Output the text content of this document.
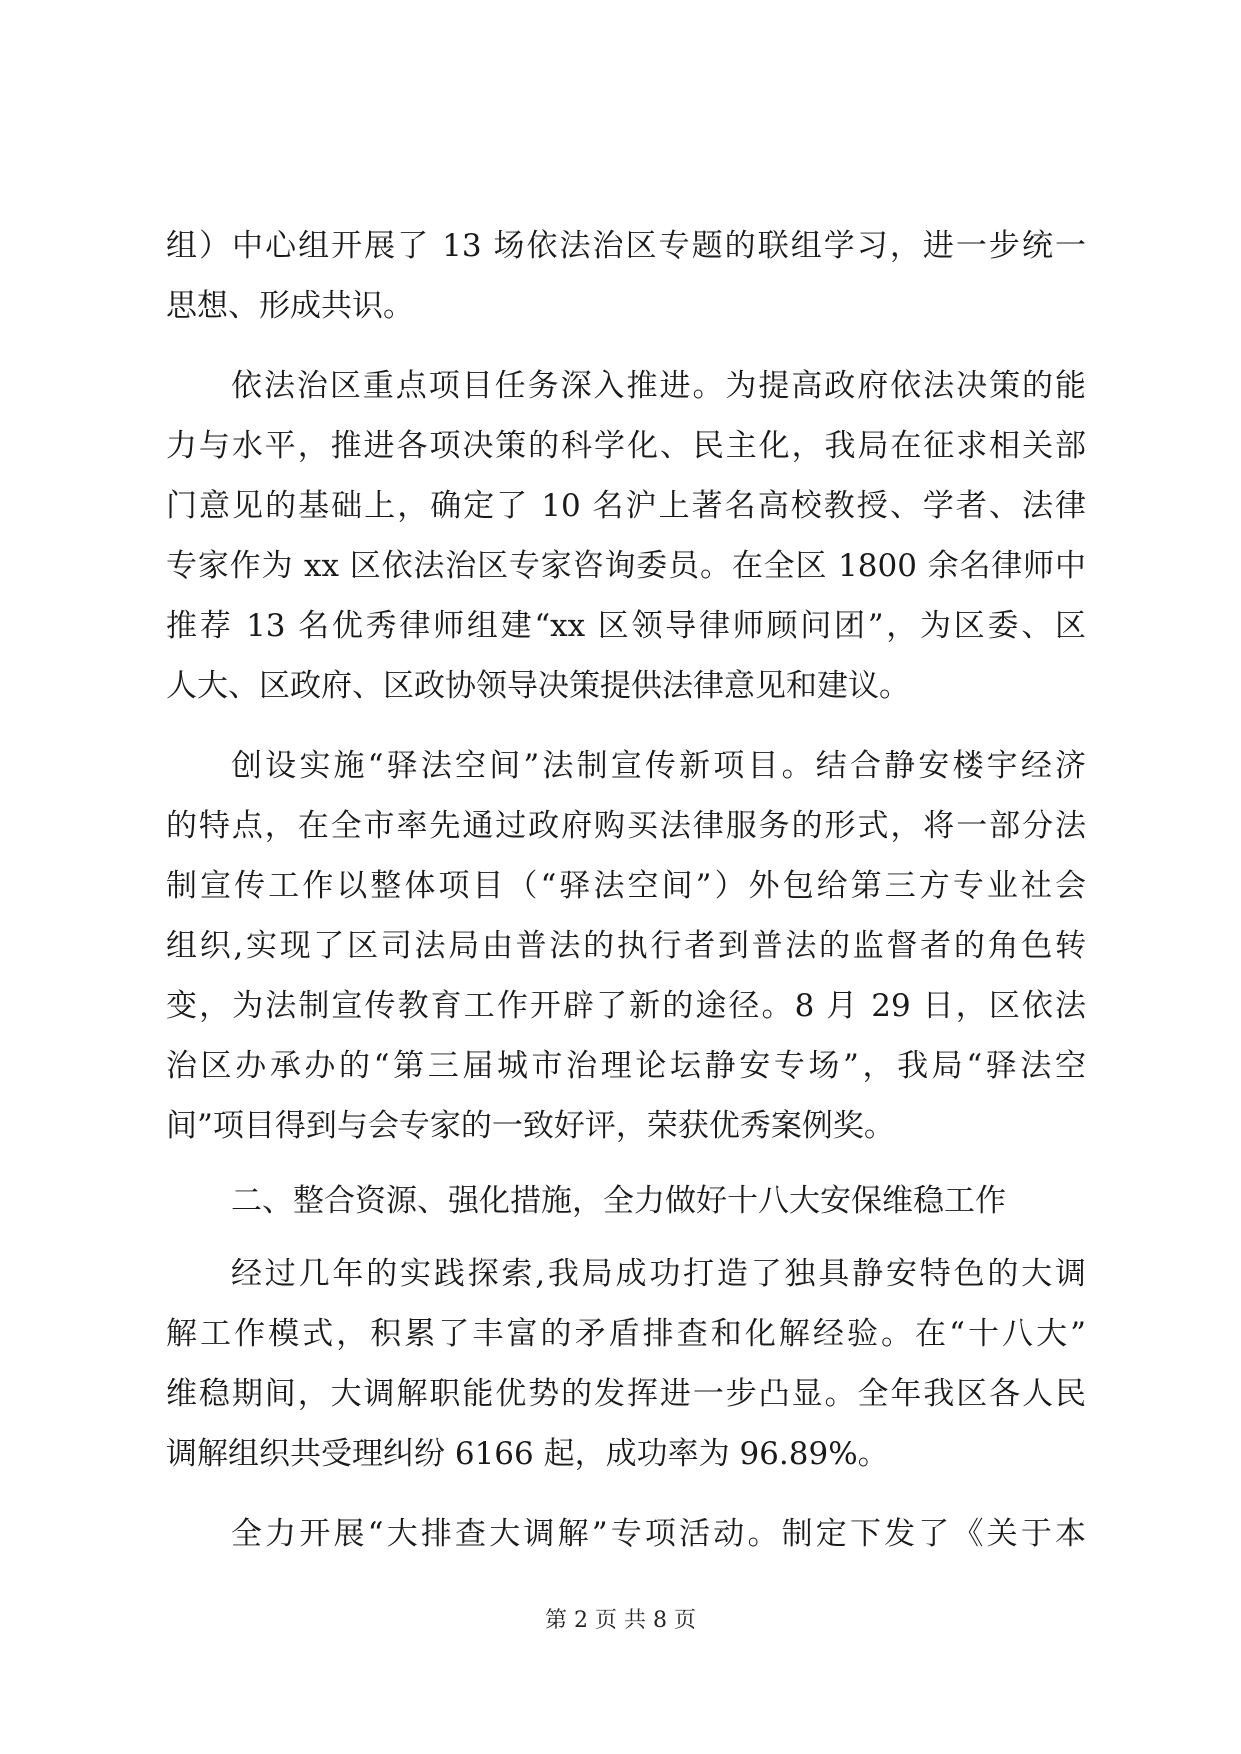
组）中心组开展了 13 场依法治区专题的联组学习，进一步统一
思想、形成共识。
依法治区重点项目任务深入推进。为提高政府依法决策的能
力与水平，推进各项决策的科学化、民主化，我局在征求相关部
门意见的基础上，确定了 10 名沪上著名高校教授、学者、法律
专家作为 xx 区依法治区专家咨询委员。在全区 1800 余名律师中
推荐 13 名优秀律师组建“xx 区领导律师顾问团”，为区委、区
人大、区政府、区政协领导决策提供法律意见和建议。
创设实施“驿法空间”法制宣传新项目。结合静安楼宇经济
的特点，在全市率先通过政府购买法律服务的形式，将一部分法
制宣传工作以整体项目（“驿法空间”）外包给第三方专业社会
组织,实现了区司法局由普法的执行者到普法的监督者的角色转
变，为法制宣传教育工作开辟了新的途径。8 月 29 日，区依法
治区办承办的“第三届城市治理论坛静安专场”，我局“驿法空
间”项目得到与会专家的一致好评，荣获优秀案例奖。
二、整合资源、强化措施，全力做好十八大安保维稳工作
经过几年的实践探索,我局成功打造了独具静安特色的大调
解工作模式，积累了丰富的矛盾排查和化解经验。在“十八大”
维稳期间，大调解职能优势的发挥进一步凸显。全年我区各人民
调解组织共受理纠纷 6166 起，成功率为 96.89%。
全力开展“大排查大调解”专项活动。制定下发了《关于本
第 2 页 共 8 页
